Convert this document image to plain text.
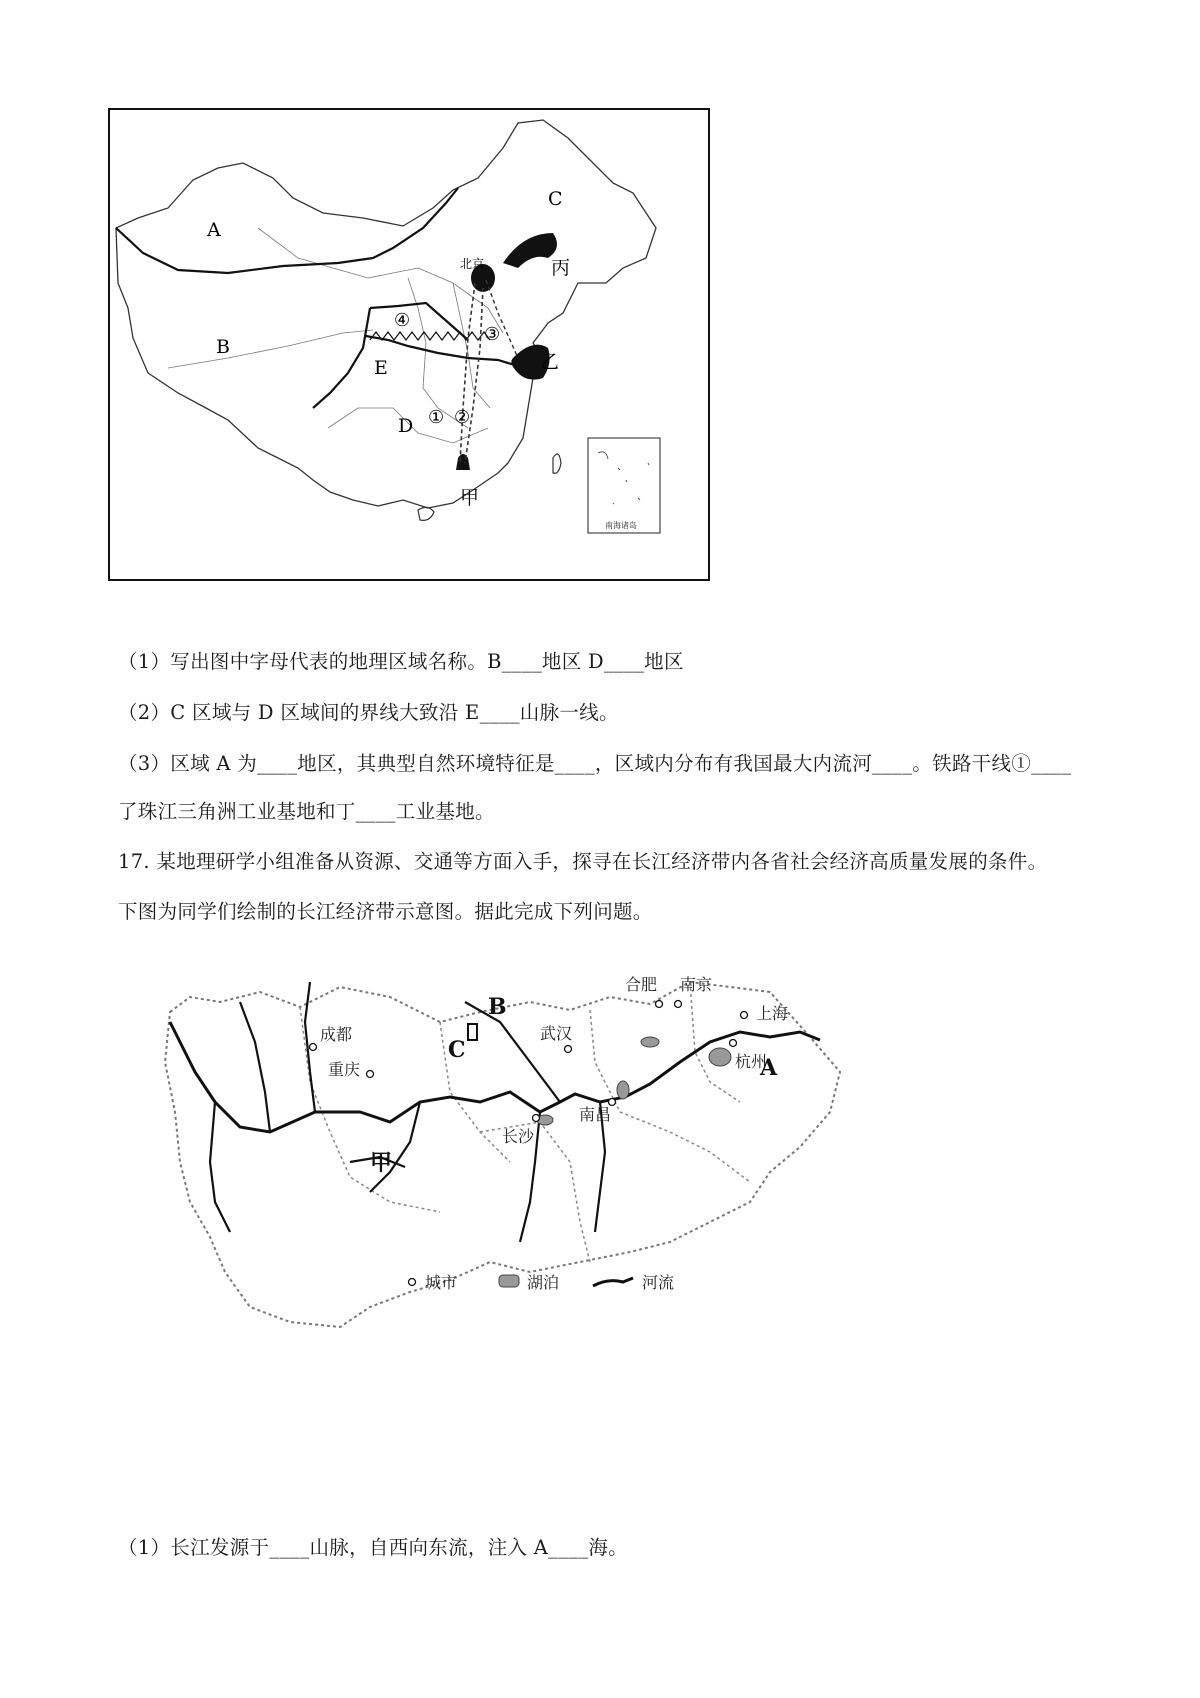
南海诸岛
A
B
C
D
E
甲
乙
丙
北京
① ②
③
④
（1）写出图中字母代表的地理区域名称。B____地区 D____地区
（2）C 区域与 D 区域间的界线大致沿 E____山脉一线。
（3）区域 A 为____地区，其典型自然环境特征是____，区域内分布有我国最大内流河____。铁路干线①____
了珠江三角洲工业基地和丁____工业基地。
17. 某地理研学小组准备从资源、交通等方面入手，探寻在长江经济带内各省社会经济高质量发展的条件。
下图为同学们绘制的长江经济带示意图。据此完成下列问题。
成都
重庆
武汉
合肥 南京
上海
杭州
长沙
南昌
A
B
C
甲
城市	湖泊	河流
（1）长江发源于____山脉，自西向东流，注入 A____海。
